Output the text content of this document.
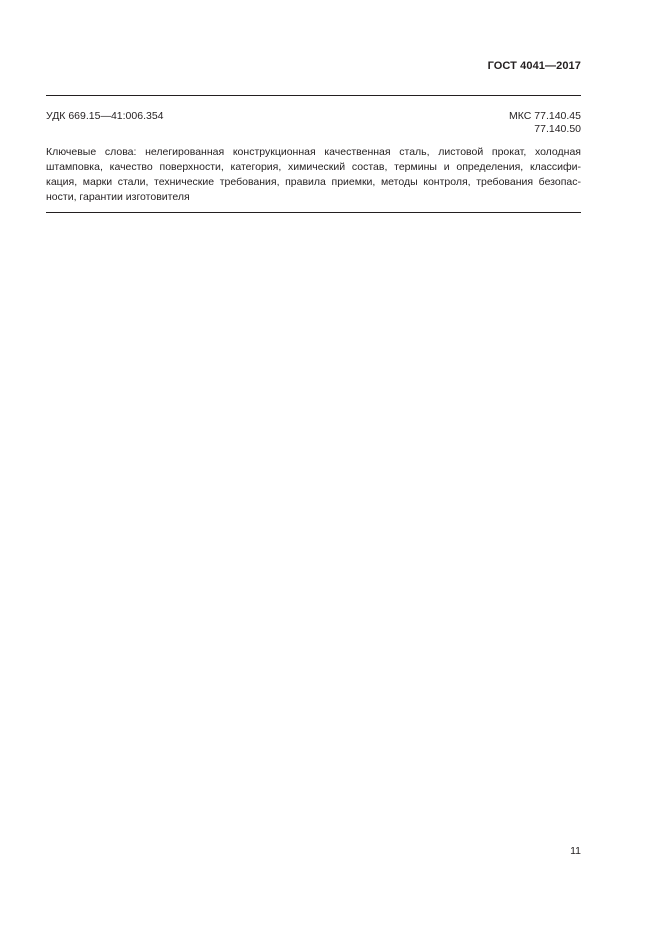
ГОСТ 4041—2017
УДК 669.15—41:006.354	МКС 77.140.45
77.140.50
Ключевые слова: нелегированная конструкционная качественная сталь, листовой прокат, холодная
штамповка, качество поверхности, категория, химический состав, термины и определения, классифи-
кация, марки стали, технические требования, правила приемки, методы контроля, требования безопас-
ности, гарантии изготовителя
11
